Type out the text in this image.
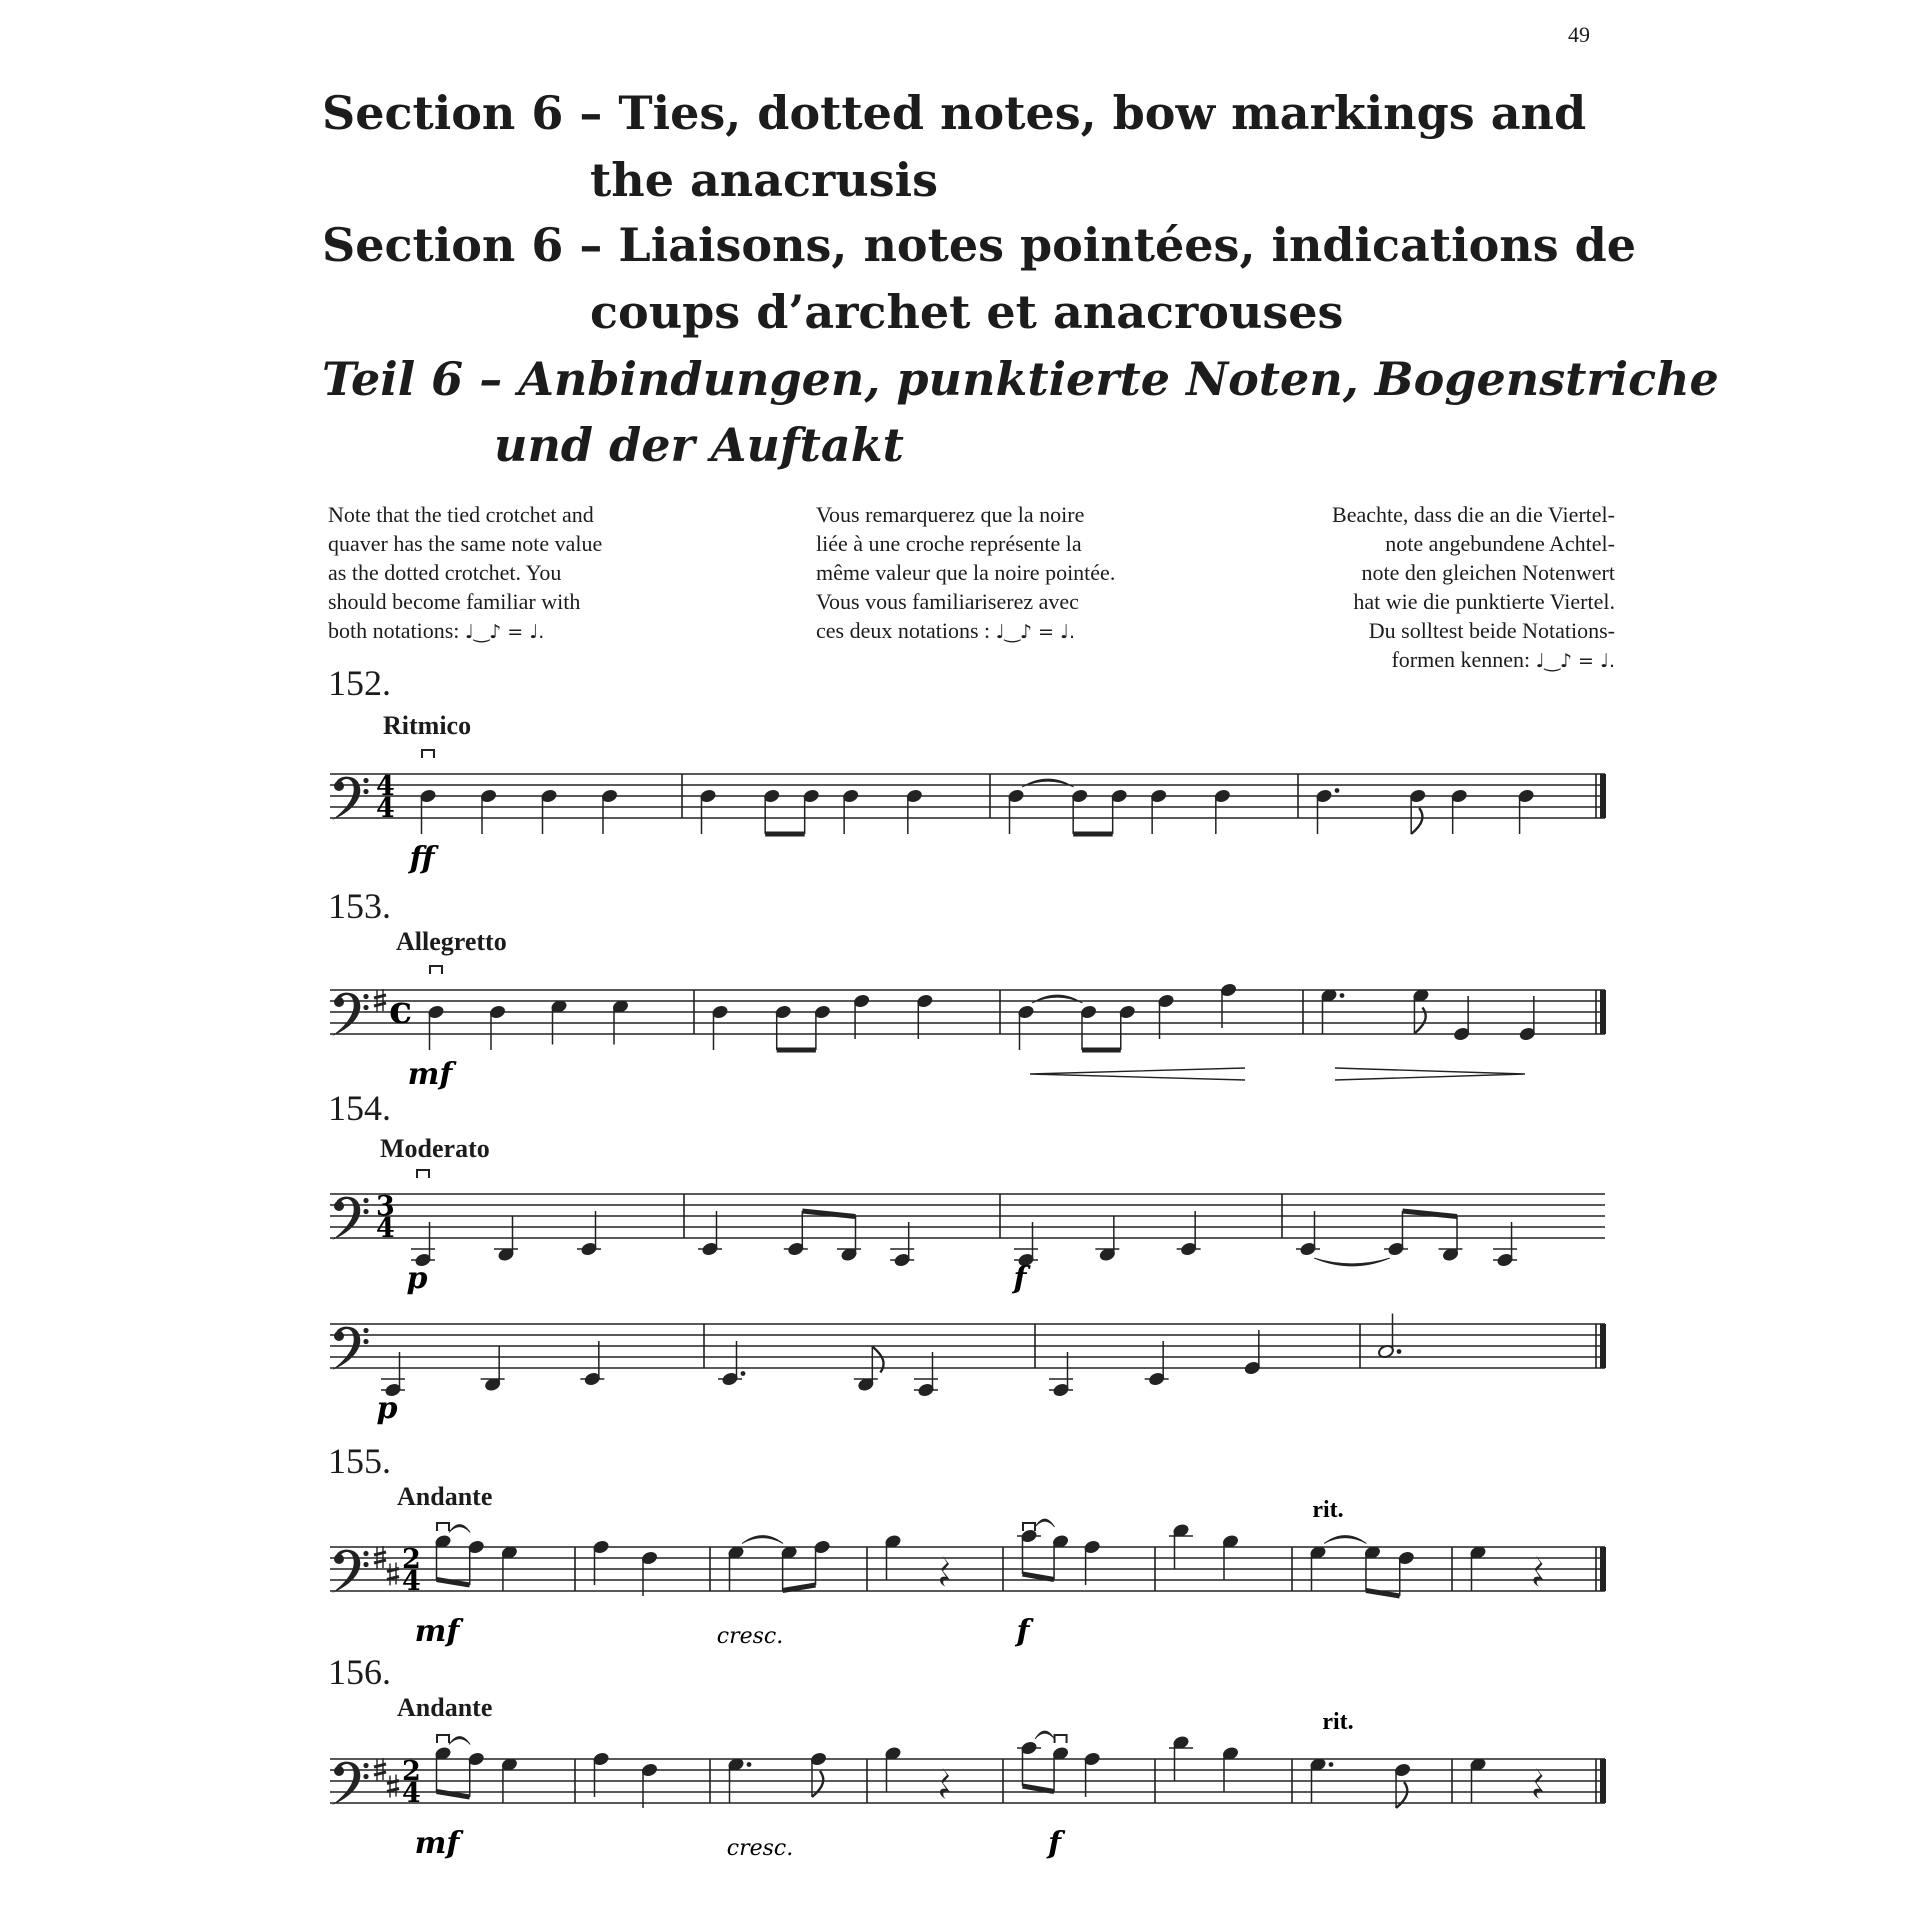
49
Section 6 – Ties, dotted notes, bow markings and
the anacrusis
Section 6 – Liaisons, notes pointées, indications de
coups d’archet et anacrouses
Teil 6 – Anbindungen, punktierte Noten, Bogenstriche
und der Auftakt
Note that the tied crotchet and
quaver has the same note value
as the dotted crotchet. You
should become familiar with
both notations: ♩‿♪ = ♩.
Vous remarquerez que la noire
liée à une croche représente la
même valeur que la noire pointée.
Vous vous familiariserez avec
ces deux notations : ♩‿♪ = ♩.
Beachte, dass die an die Viertel-
note angebundene Achtel-
note den gleichen Notenwert
hat wie die punktierte Viertel.
Du solltest beide Notations-
formen kennen: ♩‿♪ = ♩.
152.
Ritmico
153.
Allegretto
154.
Moderato
155.
Andante
156.
Andante
4
4
ff
c
mf
3
4
p	f
p
2
4
mf	cresc.	f
rit.
2
4
mf	cresc.	f
rit.
